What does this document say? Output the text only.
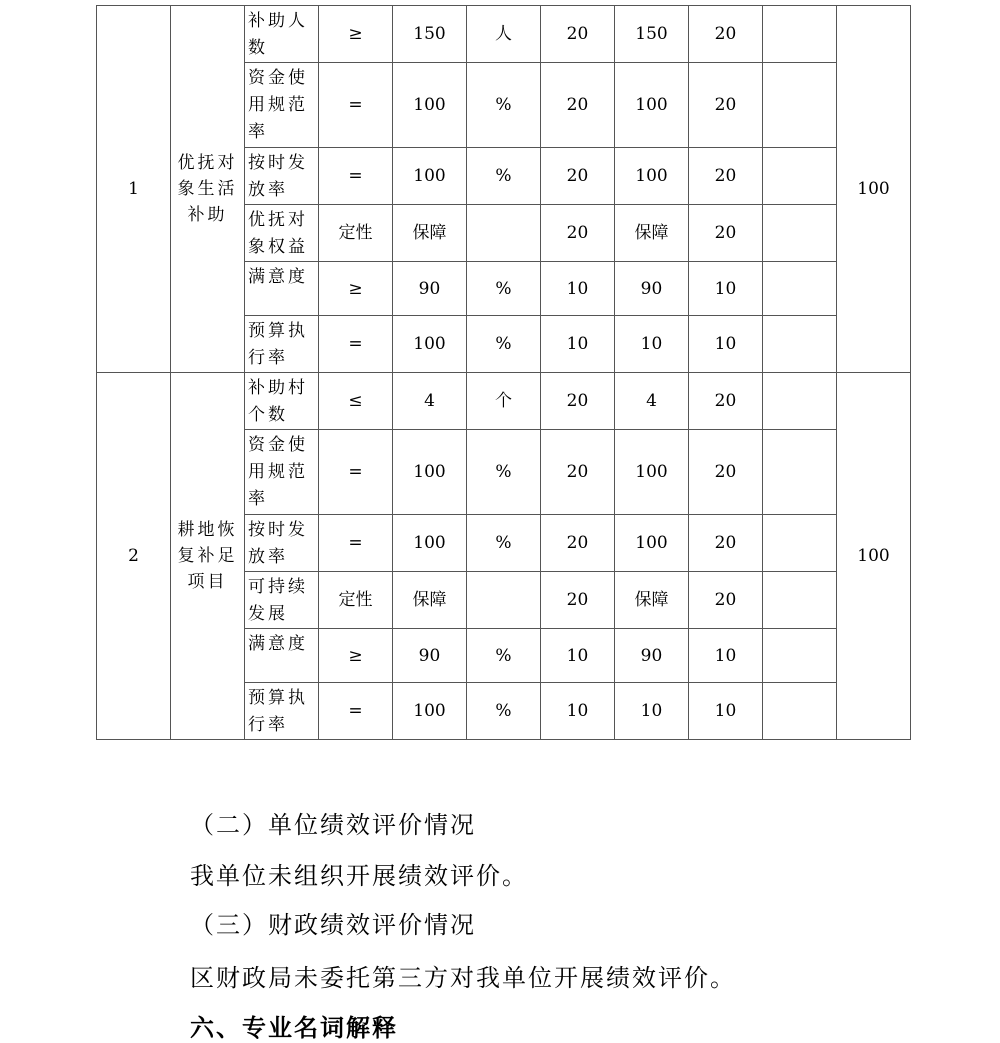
1	优抚对象生活补助	补助人数	≥	150	人	20	150	20		100
		资金使用规范率	=	100	%	20	100	20		
		按时发放率	=	100	%	20	100	20		
		优抚对象权益	定性	保障		20	保障	20		
		满意度	≥	90	%	10	90	10		
		预算执行率	=	100	%	10	10	10		
2	耕地恢复补足项目	补助村个数	≤	4	个	20	4	20		100
		资金使用规范率	=	100	%	20	100	20		
		按时发放率	=	100	%	20	100	20		
		可持续发展	定性	保障		20	保障	20		
		满意度	≥	90	%	10	90	10		
		预算执行率	=	100	%	10	10	10		
（二）单位绩效评价情况
我单位未组织开展绩效评价。
（三）财政绩效评价情况
区财政局未委托第三方对我单位开展绩效评价。
六、专业名词解释
